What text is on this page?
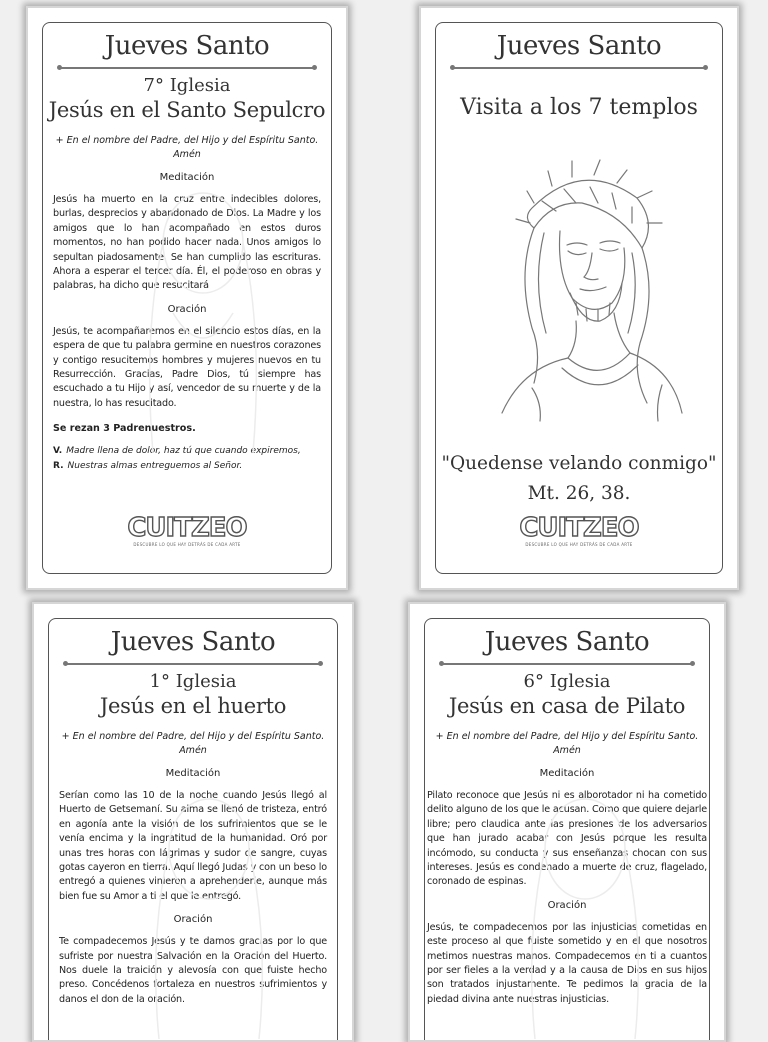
Jueves Santo
7° Iglesia
Jesús en el Santo Sepulcro
+ En el nombre del Padre, del Hijo y del Espíritu Santo.
Amén
Meditación
Jesús ha muerto en la cruz entre indecibles dolores, burlas, desprecios y abandonado de Dios. La Madre y los amigos que lo han acompañado en estos duros momentos, no han podido hacer nada. Unos amigos lo sepultan piadosamente. Se han cumplido las escrituras. Ahora a esperar el tercer día. Él, el poderoso en obras y palabras, ha dicho que resucitará
Oración
Jesús, te acompañaremos en el silencio estos días, en la espera de que tu palabra germine en nuestros corazones y contigo resucitemos hombres y mujeres nuevos en tu Resurrección. Gracias, Padre Dios, tú siempre has escuchado a tu Hijo y así, vencedor de su muerte y de la nuestra, lo has resucitado.
Se rezan 3 Padrenuestros.
V. Madre llena de dolor, haz tú que cuando expiremos,
R. Nuestras almas entreguemos al Señor.
CUITZEO
DESCUBRE LO QUE HAY DETRÁS DE CADA ARTE
Jueves Santo
Visita a los 7 templos
"Quedense velando conmigo"
Mt. 26, 38.
CUITZEO
DESCUBRE LO QUE HAY DETRÁS DE CADA ARTE
Jueves Santo
1° Iglesia
Jesús en el huerto
+ En el nombre del Padre, del Hijo y del Espíritu Santo.
Amén
Meditación
Serían como las 10 de la noche cuando Jesús llegó al Huerto de Getsemaní. Su alma se llenó de tristeza, entró en agonía ante la visión de los sufrimientos que se le venía encima y la ingratitud de la humanidad. Oró por unas tres horas con lágrimas y sudor de sangre, cuyas gotas cayeron en tierra. Aquí llegó Judas y con un beso lo entregó a quienes vinieron a aprehenderle, aunque más bien fue su Amor a ti el que le entregó.
Oración
Te compadecemos Jesús y te damos gracias por lo que sufriste por nuestra Salvación en la Oración del Huerto. Nos duele la traición y alevosía con que fuiste hecho preso. Concédenos fortaleza en nuestros sufrimientos y danos el don de la oración.
Jueves Santo
6° Iglesia
Jesús en casa de Pilato
+ En el nombre del Padre, del Hijo y del Espíritu Santo.
Amén
Meditación
Pilato reconoce que Jesús ni es alborotador ni ha cometido delito alguno de los que le acusan. Como que quiere dejarle libre; pero claudica ante las presiones de los adversarios que han jurado acabar con Jesús porque les resulta incómodo, su conducta y sus enseñanzas chocan con sus intereses. Jesús es condenado a muerte de cruz, flagelado, coronado de espinas.
Oración
Jesús, te compadecemos por las injusticias cometidas en este proceso al que fuiste sometido y en el que nosotros metimos nuestras manos. Compadecemos en ti a cuantos por ser fieles a la verdad y a la causa de Dios en sus hijos son tratados injustamente. Te pedimos la gracia de la piedad divina ante nuestras injusticias.
